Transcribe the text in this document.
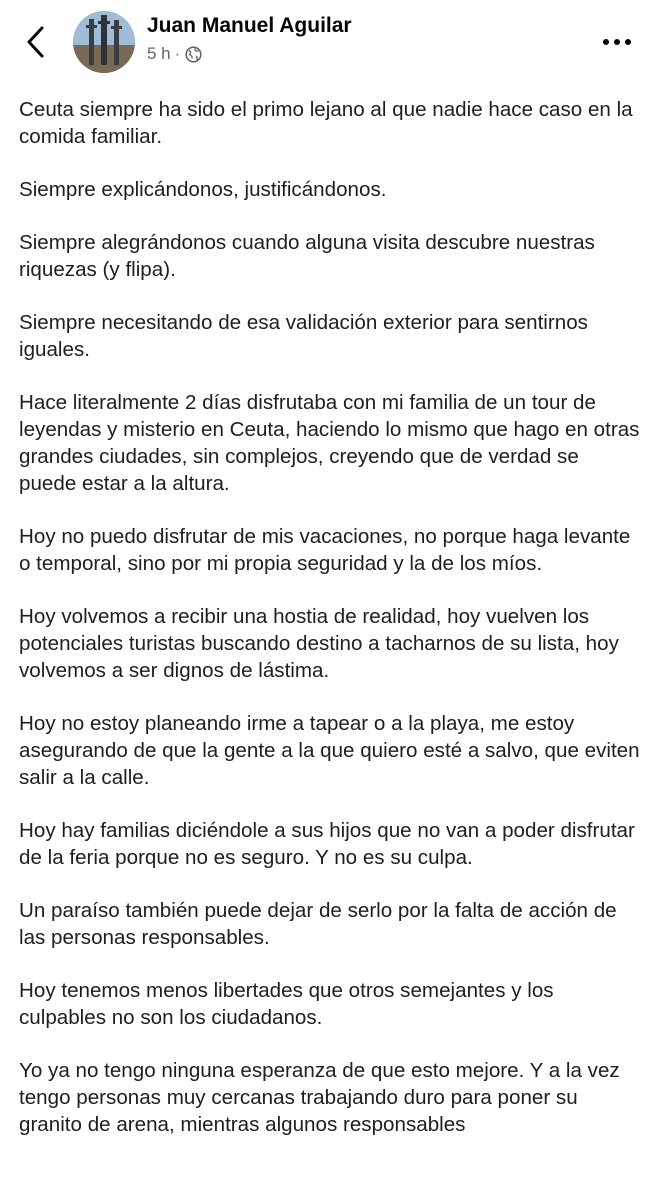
Juan Manuel Aguilar
5 h ·

Ceuta siempre ha sido el primo lejano al que nadie hace caso en la comida familiar.

Siempre explicándonos, justificándonos.

Siempre alegrándonos cuando alguna visita descubre nuestras riquezas (y flipa).

Siempre necesitando de esa validación exterior para sentirnos iguales.

Hace literalmente 2 días disfrutaba con mi familia de un tour de leyendas y misterio en Ceuta, haciendo lo mismo que hago en otras grandes ciudades, sin complejos, creyendo que de verdad se puede estar a la altura.

Hoy no puedo disfrutar de mis vacaciones, no porque haga levante o temporal, sino por mi propia seguridad y la de los míos.

Hoy volvemos a recibir una hostia de realidad, hoy vuelven los potenciales turistas buscando destino a tacharnos de su lista, hoy volvemos a ser dignos de lástima.

Hoy no estoy planeando irme a tapear o a la playa, me estoy asegurando de que la gente a la que quiero esté a salvo, que eviten salir a la calle.

Hoy hay familias diciéndole a sus hijos que no van a poder disfrutar de la feria porque no es seguro. Y no es su culpa.

Un paraíso también puede dejar de serlo por la falta de acción de las personas responsables.

Hoy tenemos menos libertades que otros semejantes y los culpables no son los ciudadanos.

Yo ya no tengo ninguna esperanza de que esto mejore. Y a la vez tengo personas muy cercanas trabajando duro para poner su granito de arena, mientras algunos responsables
